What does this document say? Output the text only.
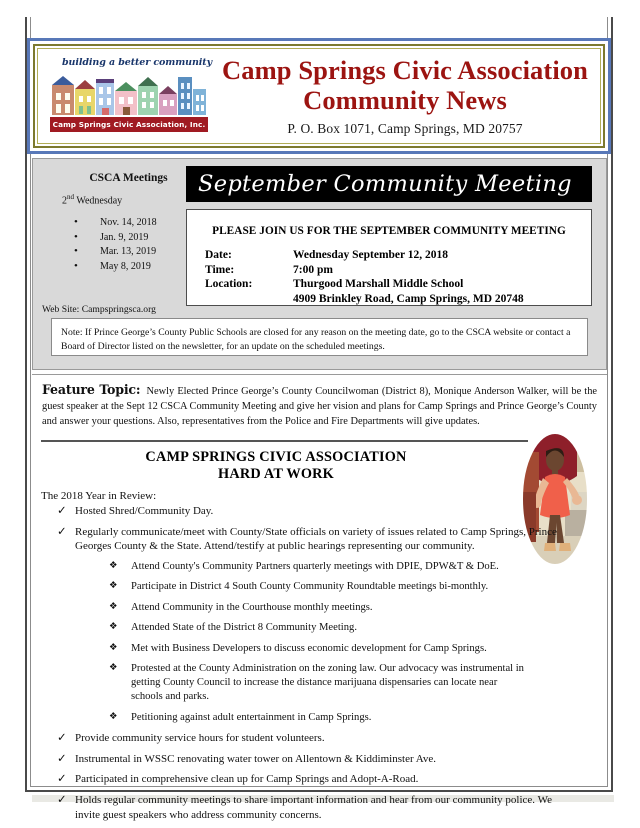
building a better community
Camp Springs Civic Association, Inc.
Camp Springs Civic Association
Community News
P. O. Box 1071, Camp Springs, MD 20757
CSCA Meetings
2nd Wednesday
• Nov. 14, 2018
• Jan. 9, 2019
• Mar. 13, 2019
• May 8, 2019
Web Site: Campspringsca.org
September Community Meeting
PLEASE JOIN US FOR THE SEPTEMBER COMMUNITY MEETING
Date:	Wednesday September 12, 2018
Time:	7:00 pm
Location:	Thurgood Marshall Middle School
4909 Brinkley Road, Camp Springs, MD 20748
Note: If Prince George’s County Public Schools are closed for any reason on the meeting date, go to the CSCA website or contact a Board of Director listed on the newsletter, for an update on the scheduled meetings.
Feature Topic: Newly Elected Prince George’s County Councilwoman (District 8), Monique Anderson Walker, will be the guest speaker at the Sept 12 CSCA Community Meeting and give her vision and plans for Camp Springs and Prince George’s County and answer your questions. Also, representatives from the Police and Fire Departments will give updates.
CAMP SPRINGS CIVIC ASSOCIATION
HARD AT WORK
The 2018 Year in Review:
✓ Hosted Shred/Community Day.
✓ Regularly communicate/meet with County/State officials on variety of issues related to Camp Springs, Prince Georges County & the State. Attend/testify at public hearings representing our community.
❖ Attend County's Community Partners quarterly meetings with DPIE, DPW&T & DoE.
❖ Participate in District 4 South County Community Roundtable meetings bi-monthly.
❖ Attend Community in the Courthouse monthly meetings.
❖ Attended State of the District 8 Community Meeting.
❖ Met with Business Developers to discuss economic development for Camp Springs.
❖ Protested at the County Administration on the zoning law. Our advocacy was instrumental in getting County Council to increase the distance marijuana dispensaries can locate near schools and parks.
❖ Petitioning against adult entertainment in Camp Springs.
✓ Provide community service hours for student volunteers.
✓ Instrumental in WSSC renovating water tower on Allentown & Kiddiminster Ave.
✓ Participated in comprehensive clean up for Camp Springs and Adopt-A-Road.
✓ Holds regular community meetings to share important information and hear from our community police. We invite guest speakers who address community concerns.
